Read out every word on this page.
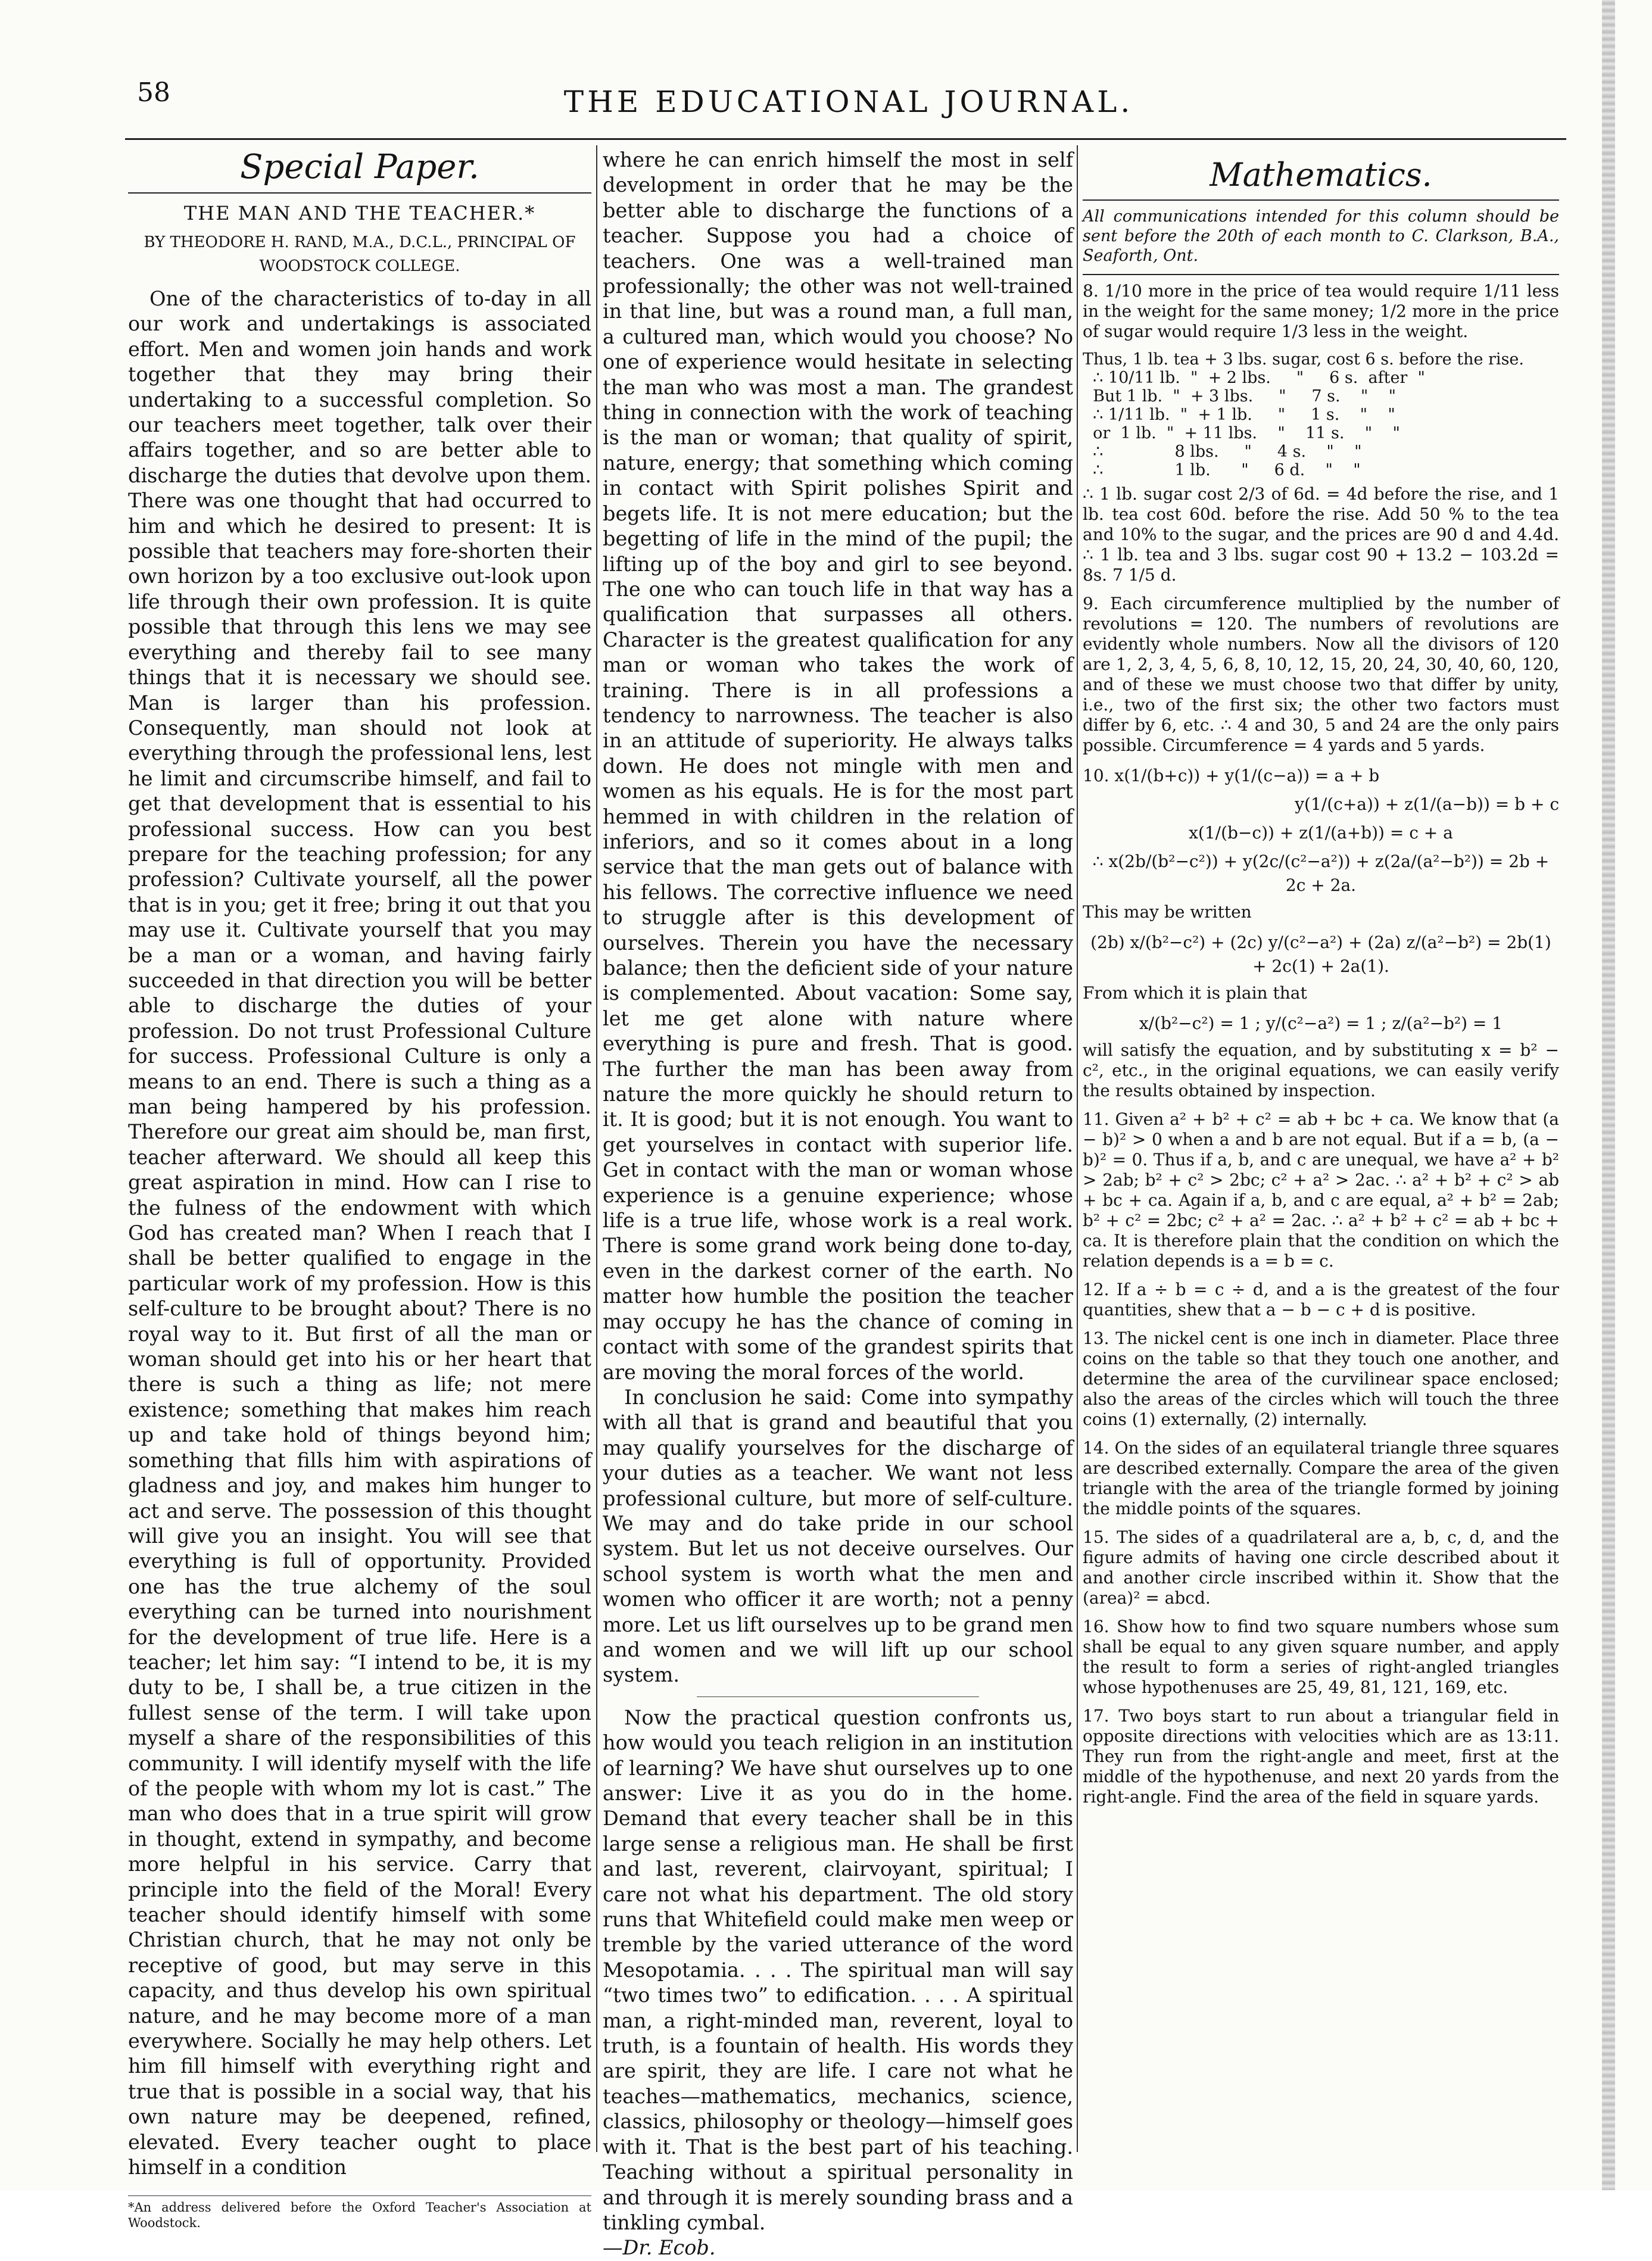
58	THE EDUCATIONAL JOURNAL.
Special Paper.
THE MAN AND THE TEACHER.*
BY THEODORE H. RAND, M.A., D.C.L., PRINCIPAL OF WOODSTOCK COLLEGE.

One of the characteristics of to-day in all our work and undertakings is associated effort. Men and women join hands and work together that they may bring their undertaking to a successful completion. So our teachers meet together, talk over their affairs together, and so are better able to discharge the duties that devolve upon them. There was one thought that had occurred to him and which he desired to present: It is possible that teachers may fore-shorten their own horizon by a too exclusive out-look upon life through their own profession. It is quite possible that through this lens we may see everything and thereby fail to see many things that it is necessary we should see. Man is larger than his profession. Consequently, man should not look at everything through the professional lens, lest he limit and circumscribe himself, and fail to get that development that is essential to his professional success. How can you best prepare for the teaching profession; for any profession? Cultivate yourself, all the power that is in you; get it free; bring it out that you may use it. Cultivate yourself that you may be a man or a woman, and having fairly succeeded in that direction you will be better able to discharge the duties of your profession. Do not trust Professional Culture for success. Professional Culture is only a means to an end. There is such a thing as a man being hampered by his profession. Therefore our great aim should be, man first, teacher afterward. We should all keep this great aspiration in mind. How can I rise to the fulness of the endowment with which God has created man? When I reach that I shall be better qualified to engage in the particular work of my profession. How is this self-culture to be brought about? There is no royal way to it. But first of all the man or woman should get into his or her heart that there is such a thing as life; not mere existence; something that makes him reach up and take hold of things beyond him; something that fills him with aspirations of gladness and joy, and makes him hunger to act and serve. The possession of this thought will give you an insight. You will see that everything is full of opportunity. Provided one has the true alchemy of the soul everything can be turned into nourishment for the development of true life. Here is a teacher; let him say: “I intend to be, it is my duty to be, I shall be, a true citizen in the fullest sense of the term. I will take upon myself a share of the responsibilities of this community. I will identify myself with the life of the people with whom my lot is cast.” The man who does that in a true spirit will grow in thought, extend in sympathy, and become more helpful in his service. Carry that principle into the field of the Moral! Every teacher should identify himself with some Christian church, that he may not only be receptive of good, but may serve in this capacity, and thus develop his own spiritual nature, and he may become more of a man everywhere. Socially he may help others. Let him fill himself with everything right and true that is possible in a social way, that his own nature may be deepened, refined, elevated. Every teacher ought to place himself in a condition

*An address delivered before the Oxford Teacher's Association at Woodstock.

where he can enrich himself the most in self development in order that he may be the better able to discharge the functions of a teacher. Suppose you had a choice of teachers. One was a well-trained man professionally; the other was not well-trained in that line, but was a round man, a full man, a cultured man, which would you choose? No one of experience would hesitate in selecting the man who was most a man. The grandest thing in connection with the work of teaching is the man or woman; that quality of spirit, nature, energy; that something which coming in contact with Spirit polishes Spirit and begets life. It is not mere education; but the begetting of life in the mind of the pupil; the lifting up of the boy and girl to see beyond. The one who can touch life in that way has a qualification that surpasses all others. Character is the greatest qualification for any man or woman who takes the work of training. There is in all professions a tendency to narrowness. The teacher is also in an attitude of superiority. He always talks down. He does not mingle with men and women as his equals. He is for the most part hemmed in with children in the relation of inferiors, and so it comes about in a long service that the man gets out of balance with his fellows. The corrective influence we need to struggle after is this development of ourselves. Therein you have the necessary balance; then the deficient side of your nature is complemented. About vacation: Some say, let me get alone with nature where everything is pure and fresh. That is good. The further the man has been away from nature the more quickly he should return to it. It is good; but it is not enough. You want to get yourselves in contact with superior life. Get in contact with the man or woman whose experience is a genuine experience; whose life is a true life, whose work is a real work. There is some grand work being done to-day, even in the darkest corner of the earth. No matter how humble the position the teacher may occupy he has the chance of coming in contact with some of the grandest spirits that are moving the moral forces of the world.

In conclusion he said: Come into sympathy with all that is grand and beautiful that you may qualify yourselves for the discharge of your duties as a teacher. We want not less professional culture, but more of self-culture. We may and do take pride in our school system. But let us not deceive ourselves. Our school system is worth what the men and women who officer it are worth; not a penny more. Let us lift ourselves up to be grand men and women and we will lift up our school system.

Now the practical question confronts us, how would you teach religion in an institution of learning? We have shut ourselves up to one answer: Live it as you do in the home. Demand that every teacher shall be in this large sense a religious man. He shall be first and last, reverent, clairvoyant, spiritual; I care not what his department. The old story runs that Whitefield could make men weep or tremble by the varied utterance of the word Mesopotamia. . . . The spiritual man will say “two times two” to edification. . . . A spiritual man, a right-minded man, reverent, loyal to truth, is a fountain of health. His words they are spirit, they are life. I care not what he teaches—mathematics, mechanics, science, classics, philosophy or theology—himself goes with it. That is the best part of his teaching. Teaching without a spiritual personality in and through it is merely sounding brass and a tinkling cymbal.

—Dr. Ecob.
Mathematics.

All communications intended for this column should be sent before the 20th of each month to C. Clarkson, B.A., Seaforth, Ont.

8. 1/10 more in the price of tea would require 1/11 less in the weight for the same money; 1/2 more in the price of sugar would require 1/3 less in the weight.

Thus, 1 lb. tea + 3 lbs. sugar, cost 6 s. before the rise.
∴ 10/11 lb.  "  + 2 lbs.     "     6 s.  after  "
But 1 lb.  "  + 3 lbs.     "     7 s.    "    "
∴ 1/11 lb.  "  + 1 lb.     "     1 s.    "    "
or  1 lb.  "  + 11 lbs.    "    11 s.    "    "
∴              8 lbs.     "     4 s.    "    "
∴              1 lb.      "     6 d.    "    "

∴ 1 lb. sugar cost 2/3 of 6d. = 4d before the rise, and 1 lb. tea cost 60d. before the rise. Add 50 % to the tea and 10% to the sugar, and the prices are 90 d and 4.4d. ∴ 1 lb. tea and 3 lbs. sugar cost 90 + 13.2 − 103.2d = 8s. 7 1/5 d.

9. Each circumference multiplied by the number of revolutions = 120. The numbers of revolutions are evidently whole numbers. Now all the divisors of 120 are 1, 2, 3, 4, 5, 6, 8, 10, 12, 15, 20, 24, 30, 40, 60, 120, and of these we must choose two that differ by unity, i.e., two of the first six; the other two factors must differ by 6, etc. ∴ 4 and 30, 5 and 24 are the only pairs possible. Circumference = 4 yards and 5 yards.

10. x(1/(b+c)) + y(1/(c−a)) = a + b
y(1/(c+a)) + z(1/(a−b)) = b + c
x(1/(b−c)) + z(1/(a+b)) = c + a
∴ x(2b/(b²−c²)) + y(2c/(c²−a²)) + z(2a/(a²−b²)) = 2b + 2c + 2a.

This may be written

(2b) x/(b²−c²) + (2c) y/(c²−a²) + (2a) z/(a²−b²) = 2b(1) + 2c(1) + 2a(1).

From which it is plain that

x/(b²−c²) = 1 ; y/(c²−a²) = 1 ; z/(a²−b²) = 1

will satisfy the equation, and by substituting x = b² − c², etc., in the original equations, we can easily verify the results obtained by inspection.

11. Given a² + b² + c² = ab + bc + ca. We know that (a − b)² > 0 when a and b are not equal. But if a = b, (a − b)² = 0. Thus if a, b, and c are unequal, we have a² + b² > 2ab; b² + c² > 2bc; c² + a² > 2ac. ∴ a² + b² + c² > ab + bc + ca. Again if a, b, and c are equal, a² + b² = 2ab; b² + c² = 2bc; c² + a² = 2ac. ∴ a² + b² + c² = ab + bc + ca. It is therefore plain that the condition on which the relation depends is a = b = c.

12. If a ÷ b = c ÷ d, and a is the greatest of the four quantities, shew that a − b − c + d is positive.

13. The nickel cent is one inch in diameter. Place three coins on the table so that they touch one another, and determine the area of the curvilinear space enclosed; also the areas of the circles which will touch the three coins (1) externally, (2) internally.

14. On the sides of an equilateral triangle three squares are described externally. Compare the area of the given triangle with the area of the triangle formed by joining the middle points of the squares.

15. The sides of a quadrilateral are a, b, c, d, and the figure admits of having one circle described about it and another circle inscribed within it. Show that the (area)² = abcd.

16. Show how to find two square numbers whose sum shall be equal to any given square number, and apply the result to form a series of right-angled triangles whose hypothenuses are 25, 49, 81, 121, 169, etc.

17. Two boys start to run about a triangular field in opposite directions with velocities which are as 13:11. They run from the right-angle and meet, first at the middle of the hypothenuse, and next 20 yards from the right-angle. Find the area of the field in square yards.
